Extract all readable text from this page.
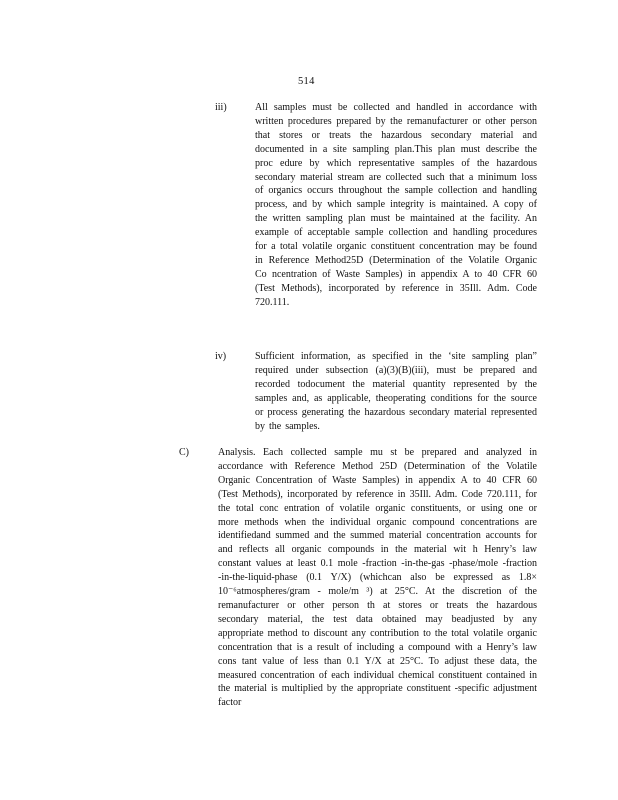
514
iii)	All samples must be collected and handled in accordance with written procedures prepared by the remanufacturer or other person that stores or treats the hazardous secondary material and documented in a site sampling plan.This plan must describe the proc edure by which representative samples of the hazardous secondary material stream are collected such that a minimum loss of organics occurs throughout the sample collection and handling process, and by which sample integrity is maintained. A copy of the written sampling plan must be maintained at the facility. An example of acceptable sample collection and handling procedures for a total volatile organic constituent concentration may be found in Reference Method25D (Determination of the Volatile Organic Co ncentration of Waste Samples) in appendix A to 40 CFR 60 (Test Methods), incorporated by reference in 35Ill. Adm. Code 720.111.
iv)	Sufficient information, as specified in the ‘site sampling plan” required under subsection (a)(3)(B)(iii), must be prepared and recorded todocument the material quantity represented by the samples and, as applicable, theoperating conditions for the source or process generating the hazardous secondary material represented by the samples.
C)	Analysis. Each collected sample mu st be prepared and analyzed in accordance with Reference Method 25D (Determination of the Volatile Organic Concentration of Waste Samples) in appendix A to 40 CFR 60 (Test Methods), incorporated by reference in 35Ill. Adm. Code 720.111, for the total conc entration of volatile organic constituents, or using one or more methods when the individual organic compound concentrations are identifiedand summed and the summed material concentration accounts for and reflects all organic compounds in the material wit h Henry’s law constant values at least 0.1 mole -fraction -in-the-gas -phase/mole -fraction -in-the-liquid-phase (0.1 Y/X) (whichcan also be expressed as 1.8× 10⁻⁶atmospheres/gram - mole/m ³) at 25°C. At the discretion of the remanufacturer or other person th at stores or treats the hazardous secondary material, the test data obtained may beadjusted by any appropriate method to discount any contribution to the total volatile organic concentration that is a result of including a compound with a Henry’s law cons tant value of less than 0.1 Y/X at 25°C. To adjust these data, the measured concentration of each individual chemical constituent contained in the material is multiplied by the appropriate constituent -specific adjustment factor
